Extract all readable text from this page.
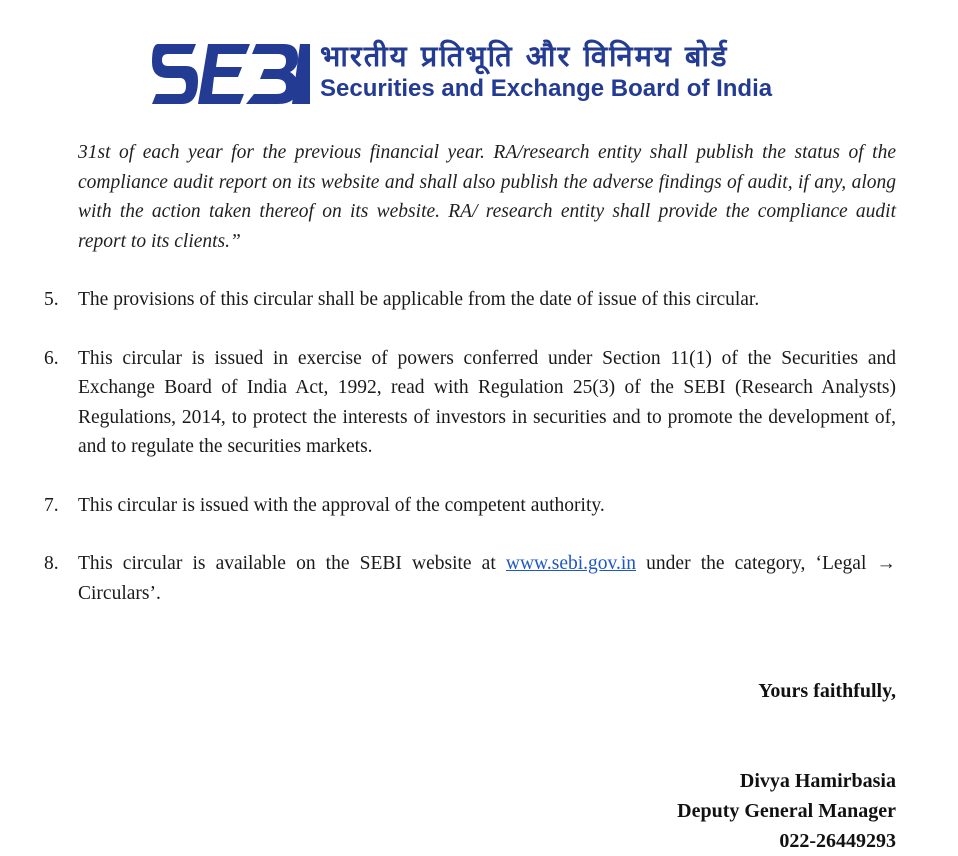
भारतीय प्रतिभूति और विनिमय बोर्ड
Securities and Exchange Board of India
31st of each year for the previous financial year. RA/research entity shall publish the status of the compliance audit report on its website and shall also publish the adverse findings of audit, if any, along with the action taken thereof on its website. RA/ research entity shall provide the compliance audit report to its clients.”
5. The provisions of this circular shall be applicable from the date of issue of this circular.
6. This circular is issued in exercise of powers conferred under Section 11(1) of the Securities and Exchange Board of India Act, 1992, read with Regulation 25(3) of the SEBI (Research Analysts) Regulations, 2014, to protect the interests of investors in securities and to promote the development of, and to regulate the securities markets.
7. This circular is issued with the approval of the competent authority.
8. This circular is available on the SEBI website at www.sebi.gov.in under the category, ‘Legal → Circulars’.
Yours faithfully,
Divya Hamirbasia
Deputy General Manager
022-26449293
